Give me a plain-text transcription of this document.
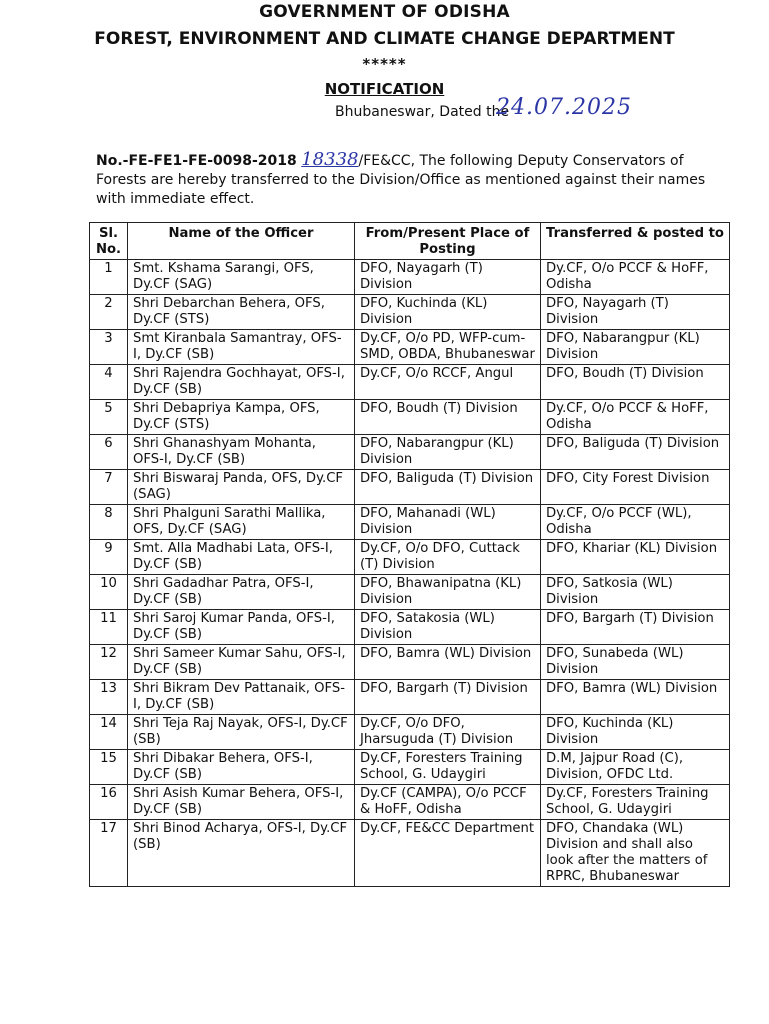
GOVERNMENT OF ODISHA
FOREST, ENVIRONMENT AND CLIMATE CHANGE DEPARTMENT
*****
NOTIFICATION
Bhubaneswar, Dated the
24.07.2025
No.-FE-FE1-FE-0098-2018 18338/FE&CC, The following Deputy Conservators of Forests are hereby transferred to the Division/Office as mentioned against their names with immediate effect.
Sl. No.	Name of the Officer	From/Present Place of Posting	Transferred & posted to
1	Smt. Kshama Sarangi, OFS, Dy.CF (SAG)	DFO, Nayagarh (T) Division	Dy.CF, O/o PCCF & HoFF, Odisha
2	Shri Debarchan Behera, OFS, Dy.CF (STS)	DFO, Kuchinda (KL) Division	DFO, Nayagarh (T) Division
3	Smt Kiranbala Samantray, OFS-I, Dy.CF (SB)	Dy.CF, O/o PD, WFP-cum-SMD, OBDA, Bhubaneswar	DFO, Nabarangpur (KL) Division
4	Shri Rajendra Gochhayat, OFS-I, Dy.CF (SB)	Dy.CF, O/o RCCF, Angul	DFO, Boudh (T) Division
5	Shri Debapriya Kampa, OFS, Dy.CF (STS)	DFO, Boudh (T) Division	Dy.CF, O/o PCCF & HoFF, Odisha
6	Shri Ghanashyam Mohanta, OFS-I, Dy.CF (SB)	DFO, Nabarangpur (KL) Division	DFO, Baliguda (T) Division
7	Shri Biswaraj Panda, OFS, Dy.CF (SAG)	DFO, Baliguda (T) Division	DFO, City Forest Division
8	Shri Phalguni Sarathi Mallika, OFS, Dy.CF (SAG)	DFO, Mahanadi (WL) Division	Dy.CF, O/o PCCF (WL), Odisha
9	Smt. Alla Madhabi Lata, OFS-I, Dy.CF (SB)	Dy.CF, O/o DFO, Cuttack (T) Division	DFO, Khariar (KL) Division
10	Shri Gadadhar Patra, OFS-I, Dy.CF (SB)	DFO, Bhawanipatna (KL) Division	DFO, Satkosia (WL) Division
11	Shri Saroj Kumar Panda, OFS-I, Dy.CF (SB)	DFO, Satakosia (WL) Division	DFO, Bargarh (T) Division
12	Shri Sameer Kumar Sahu, OFS-I, Dy.CF (SB)	DFO, Bamra (WL) Division	DFO, Sunabeda (WL) Division
13	Shri Bikram Dev Pattanaik, OFS-I, Dy.CF (SB)	DFO, Bargarh (T) Division	DFO, Bamra (WL) Division
14	Shri Teja Raj Nayak, OFS-I, Dy.CF (SB)	Dy.CF, O/o DFO, Jharsuguda (T) Division	DFO, Kuchinda (KL) Division
15	Shri Dibakar Behera, OFS-I, Dy.CF (SB)	Dy.CF, Foresters Training School, G. Udaygiri	D.M, Jajpur Road (C), Division, OFDC Ltd.
16	Shri Asish Kumar Behera, OFS-I, Dy.CF (SB)	Dy.CF (CAMPA), O/o PCCF & HoFF, Odisha	Dy.CF, Foresters Training School, G. Udaygiri
17	Shri Binod Acharya, OFS-I, Dy.CF (SB)	Dy.CF, FE&CC Department	DFO, Chandaka (WL) Division and shall also look after the matters of RPRC, Bhubaneswar
